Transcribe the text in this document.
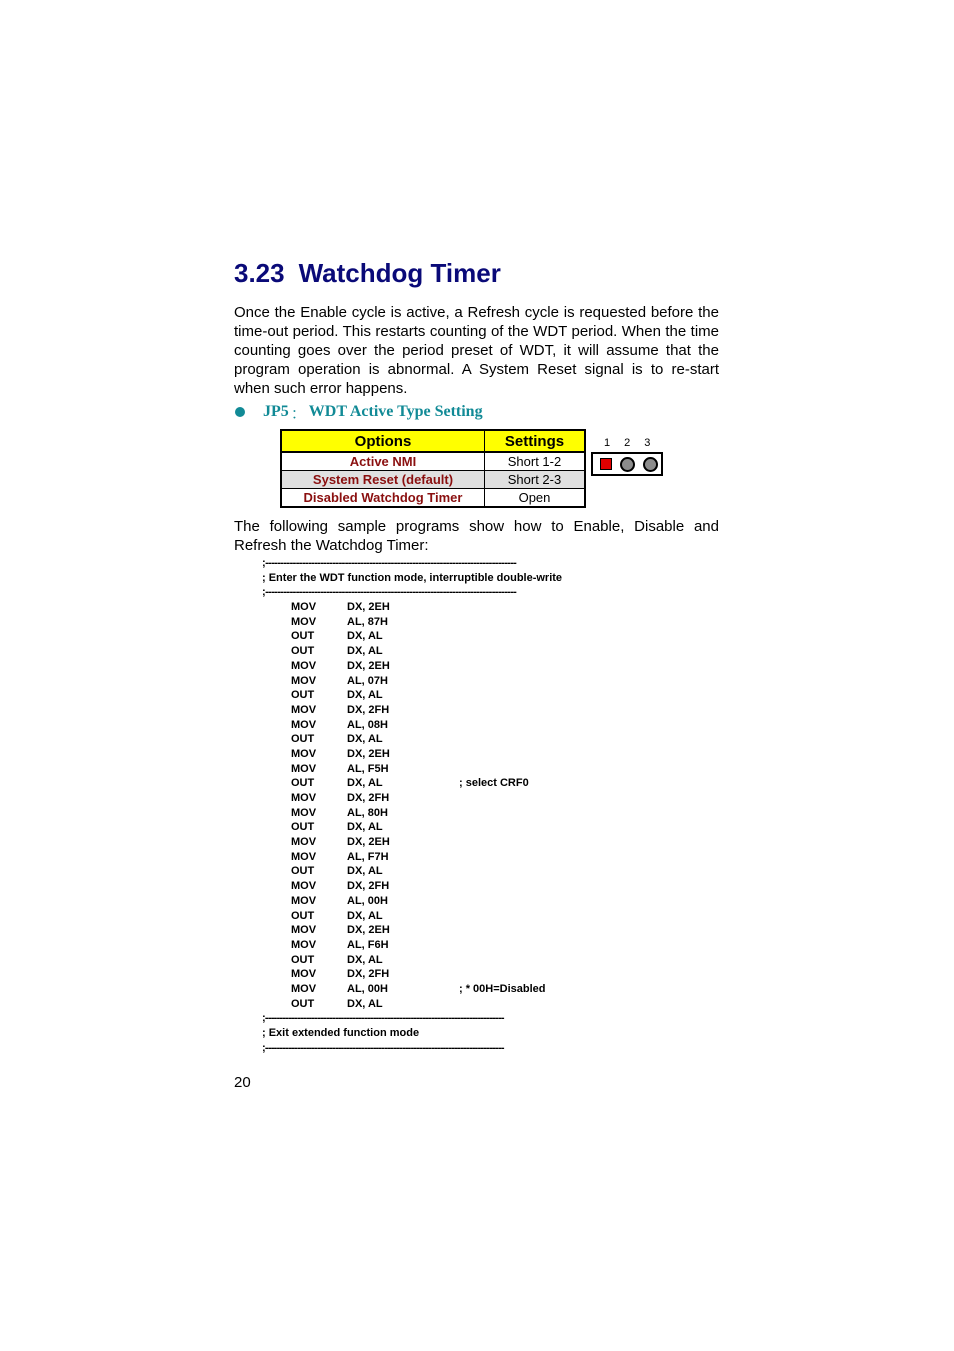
3.23 Watchdog Timer
Once the Enable cycle is active, a Refresh cycle is requested before the time-out period. This restarts counting of the WDT period. When the time counting goes over the period preset of WDT, it will assume that the program operation is abnormal. A System Reset signal is to re-start when such error happens.
JP5 ： WDT Active Type Setting
Options	Settings
Active NMI	Short 1-2
System Reset (default)	Short 2-3
Disabled Watchdog Timer	Open
1 2 3
The following sample programs show how to Enable, Disable and Refresh the Watchdog Timer:
;----------------------------------------------------------------------------------
; Enter the WDT function mode, interruptible double-write
;----------------------------------------------------------------------------------
MOV	DX, 2EH
MOV	AL, 87H
OUT	DX, AL
OUT	DX, AL
MOV	DX, 2EH
MOV	AL, 07H
OUT	DX, AL
MOV	DX, 2FH
MOV	AL, 08H
OUT	DX, AL
MOV	DX, 2EH
MOV	AL, F5H
OUT	DX, AL	; select CRF0
MOV	DX, 2FH
MOV	AL, 80H
OUT	DX, AL
MOV	DX, 2EH
MOV	AL, F7H
OUT	DX, AL
MOV	DX, 2FH
MOV	AL, 00H
OUT	DX, AL
MOV	DX, 2EH
MOV	AL, F6H
OUT	DX, AL
MOV	DX, 2FH
MOV	AL, 00H	; * 00H=Disabled
OUT	DX, AL
;----------------------------------------------------------------------------------
; Exit extended function mode
;----------------------------------------------------------------------------------
20
